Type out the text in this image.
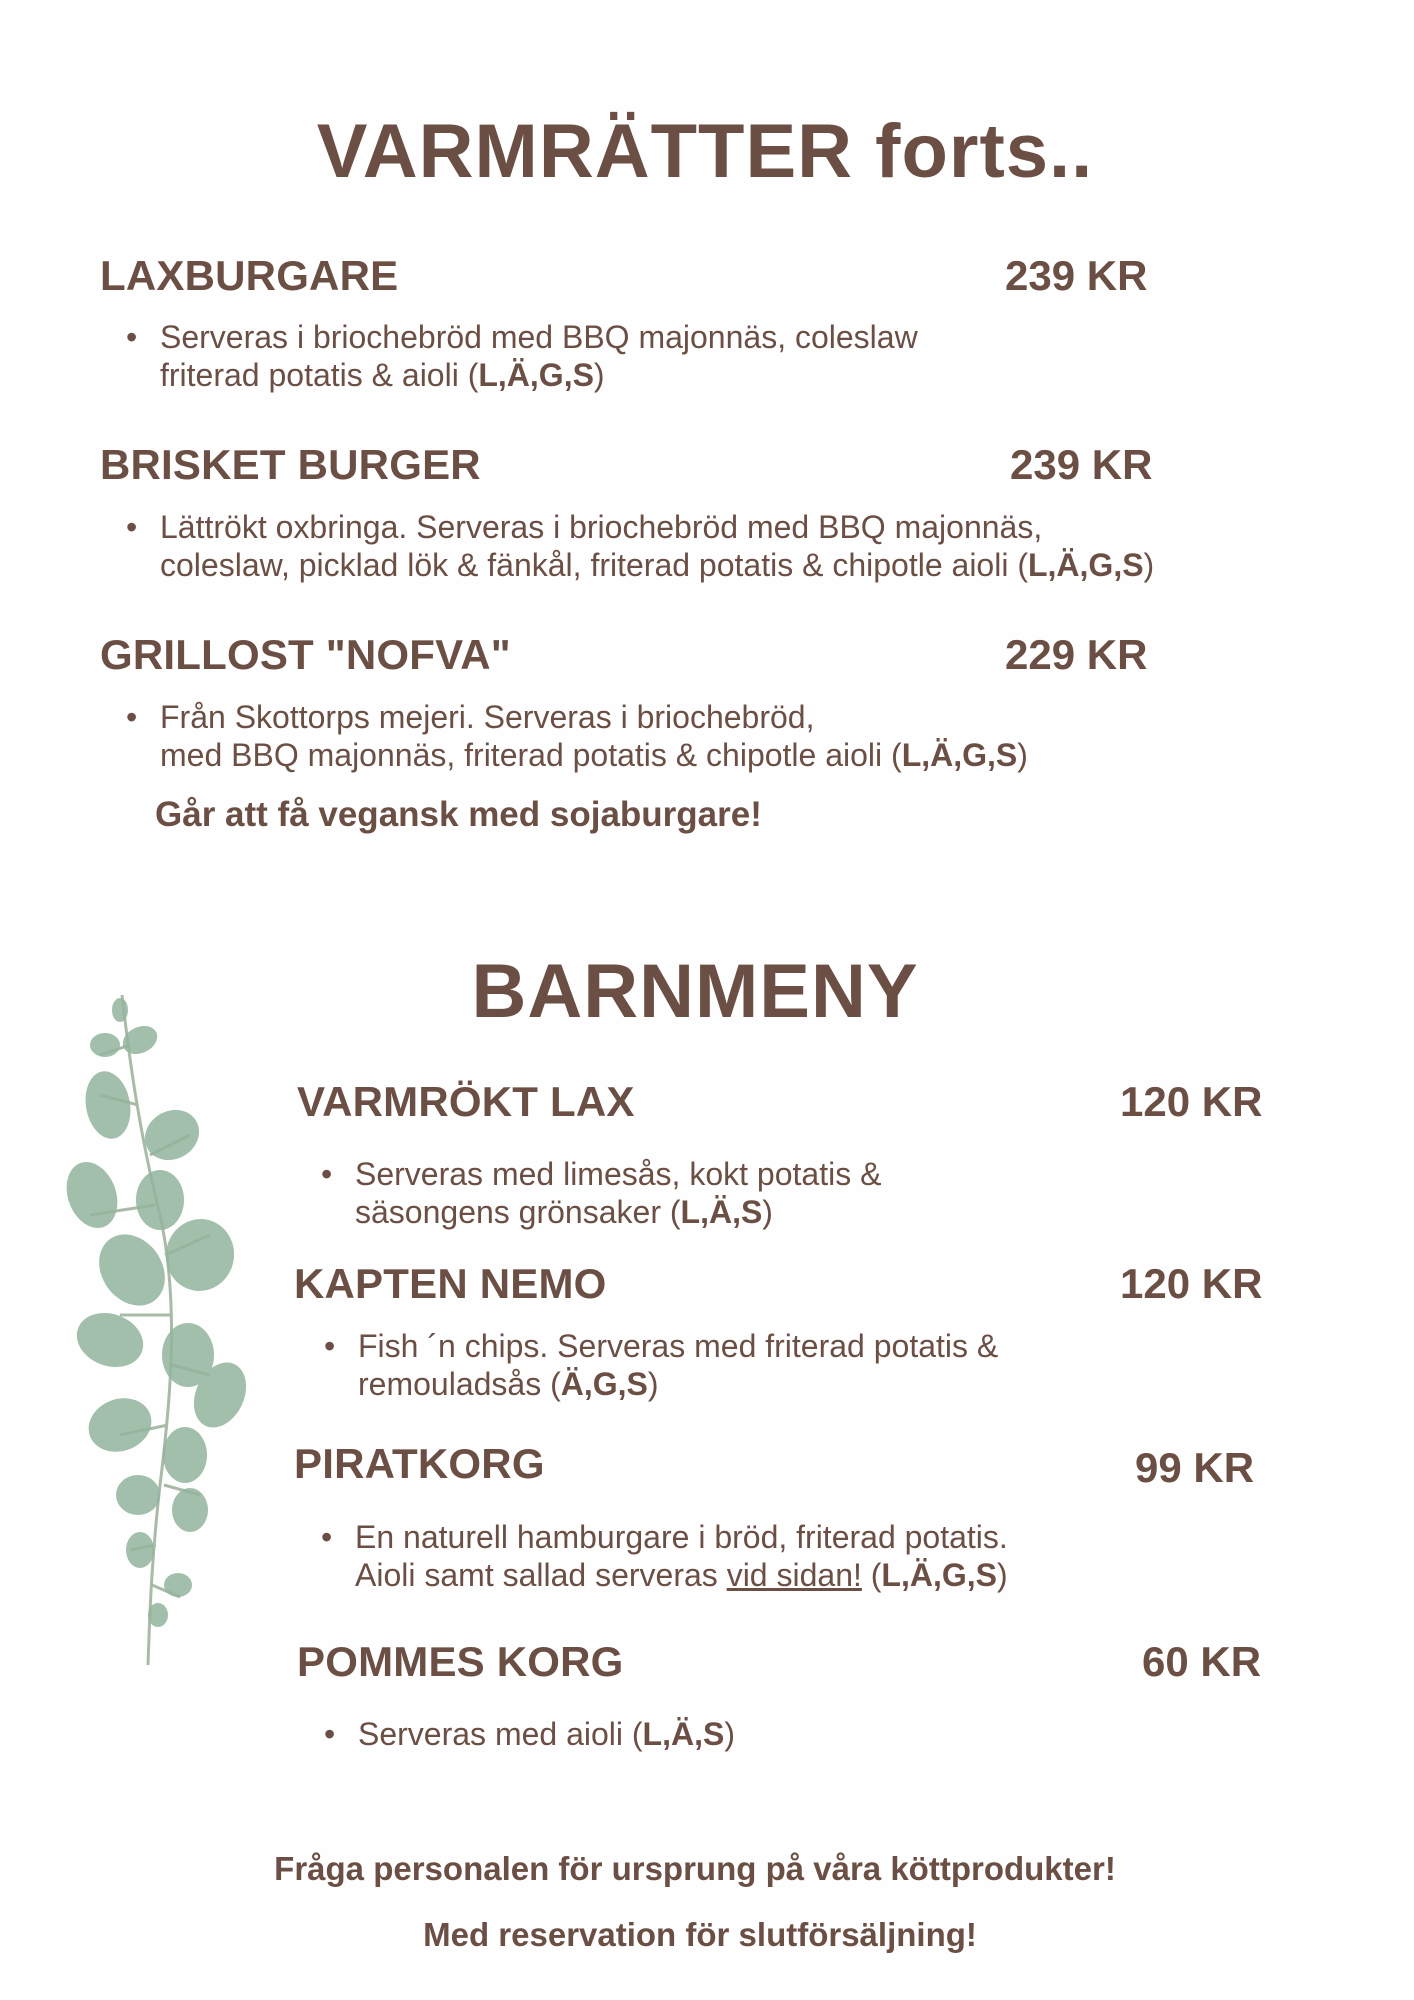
VARMRÄTTER forts..
LAXBURGARE	239 KR
• Serveras i briochebröd med BBQ majonnäs, coleslaw
friterad potatis & aioli (L,Ä,G,S)
BRISKET BURGER	239 KR
• Lättrökt oxbringa. Serveras i briochebröd med BBQ majonnäs,
coleslaw, picklad lök & fänkål, friterad potatis & chipotle aioli (L,Ä,G,S)
GRILLOST "NOFVA"	229 KR
• Från Skottorps mejeri. Serveras i briochebröd,
med BBQ majonnäs, friterad potatis & chipotle aioli (L,Ä,G,S)
Går att få vegansk med sojaburgare!
BARNMENY
VARMRÖKT LAX	120 KR
• Serveras med limesås, kokt potatis &
säsongens grönsaker (L,Ä,S)
KAPTEN NEMO	120 KR
• Fish ´n chips. Serveras med friterad potatis &
remouladsås (Ä,G,S)
PIRATKORG	99 KR
• En naturell hamburgare i bröd, friterad potatis.
Aioli samt sallad serveras vid sidan! (L,Ä,G,S)
POMMES KORG	60 KR
• Serveras med aioli (L,Ä,S)
Fråga personalen för ursprung på våra köttprodukter!
Med reservation för slutförsäljning!
